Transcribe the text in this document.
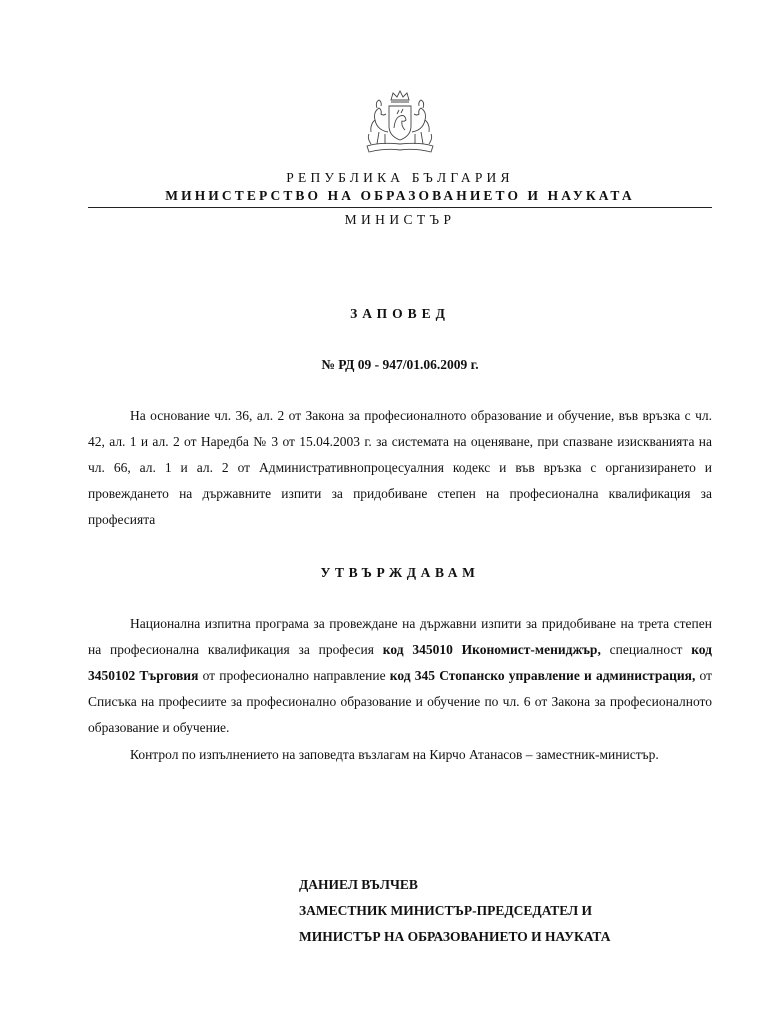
РЕПУБЛИКА БЪЛГАРИЯ
МИНИСТЕРСТВО НА ОБРАЗОВАНИЕТО И НАУКАТА
МИНИСТЪР
ЗАПОВЕД
№ РД 09 - 947/01.06.2009 г.

На основание чл. 36, ал. 2 от Закона за професионалното образование и обучение, във връзка с чл. 42, ал. 1 и ал. 2 от Наредба № 3 от 15.04.2003 г. за системата на оценяване, при спазване изискванията на чл. 66, ал. 1 и ал. 2 от Административнопроцесуалния кодекс и във връзка с организирането и провеждането на държавните изпити за придобиване степен на професионална квалификация за професията

УТВЪРЖДАВАМ

Национална изпитна програма за провеждане на държавни изпити за придобиване на трета степен на професионална квалификация за професия код 345010 Икономист-мениджър, специалност код 3450102 Търговия от професионално направление код 345 Стопанско управление и администрация, от Списъка на професиите за професионално образование и обучение по чл. 6 от Закона за професионалното образование и обучение.

Контрол по изпълнението на заповедта възлагам на Кирчо Атанасов – заместник-министър.

ДАНИЕЛ ВЪЛЧЕВ
ЗАМЕСТНИК МИНИСТЪР-ПРЕДСЕДАТЕЛ И
МИНИСТЪР НА ОБРАЗОВАНИЕТО И НАУКАТА
